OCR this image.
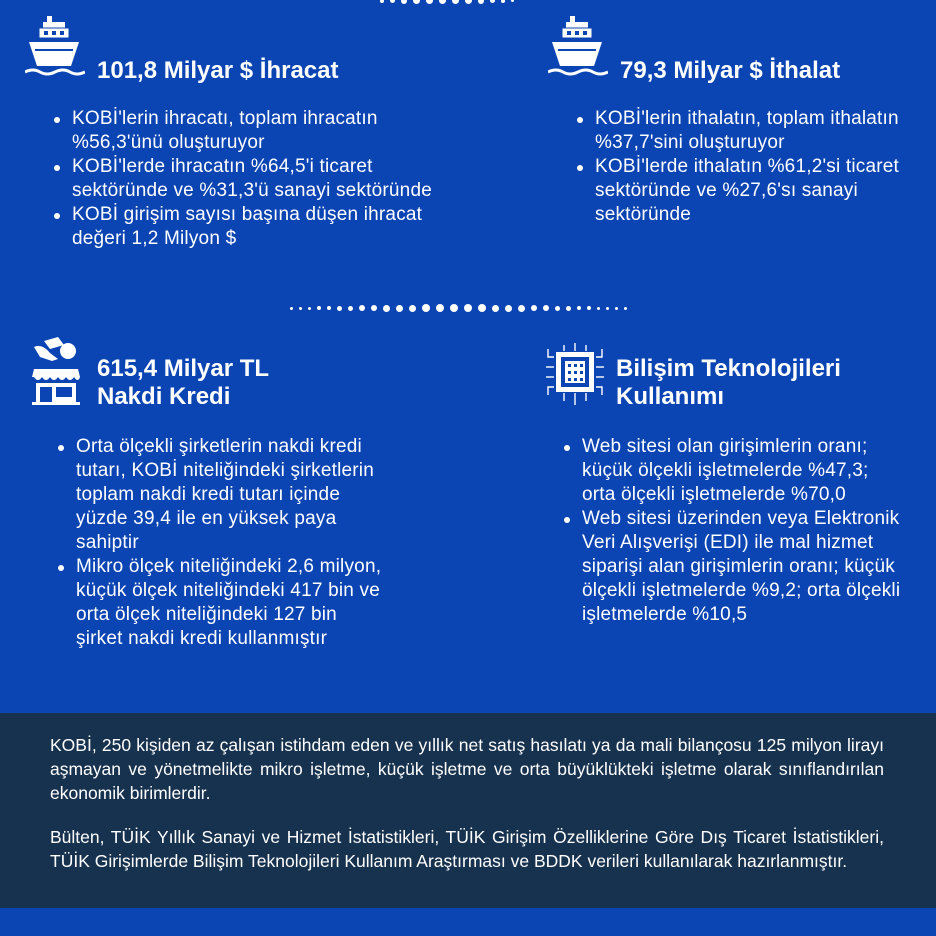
101,8 Milyar $ İhracat
KOBİ'lerin ihracatı, toplam ihracatın %56,3'ünü oluşturuyor
KOBİ'lerde ihracatın %64,5'i ticaret sektöründe ve %31,3'ü sanayi sektöründe
KOBİ girişim sayısı başına düşen ihracat değeri 1,2 Milyon $
79,3 Milyar $ İthalat
KOBİ'lerin ithalatın, toplam ithalatın %37,7'sini oluşturuyor
KOBİ'lerde ithalatın %61,2'si ticaret sektöründe ve %27,6'sı sanayi sektöründe
615,4 Milyar TL
Nakdi Kredi
Orta ölçekli şirketlerin nakdi kredi tutarı, KOBİ niteliğindeki şirketlerin toplam nakdi kredi tutarı içinde yüzde 39,4 ile en yüksek paya sahiptir
Mikro ölçek niteliğindeki 2,6 milyon, küçük ölçek niteliğindeki 417 bin ve orta ölçek niteliğindeki 127 bin şirket nakdi kredi kullanmıştır
Bilişim Teknolojileri
Kullanımı
Web sitesi olan girişimlerin oranı; küçük ölçekli işletmelerde %47,3; orta ölçekli işletmelerde %70,0
Web sitesi üzerinden veya Elektronik Veri Alışverişi (EDI) ile mal hizmet siparişi alan girişimlerin oranı; küçük ölçekli işletmelerde %9,2; orta ölçekli işletmelerde %10,5

KOBİ, 250 kişiden az çalışan istihdam eden ve yıllık net satış hasılatı ya da mali bilançosu 125 milyon lirayı aşmayan ve yönetmelikte mikro işletme, küçük işletme ve orta büyüklükteki işletme olarak sınıflandırılan ekonomik birimlerdir.

Bülten, TÜİK Yıllık Sanayi ve Hizmet İstatistikleri, TÜİK Girişim Özelliklerine Göre Dış Ticaret İstatistikleri, TÜİK Girişimlerde Bilişim Teknolojileri Kullanım Araştırması ve BDDK verileri kullanılarak hazırlanmıştır.
